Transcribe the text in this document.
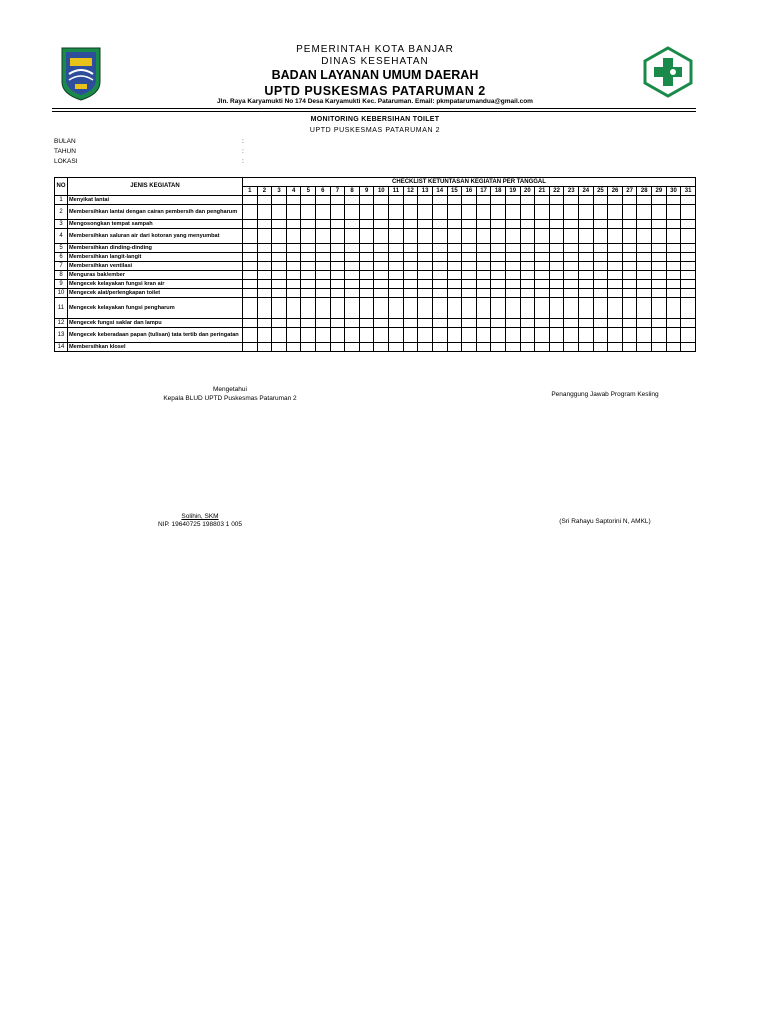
PEMERINTAH KOTA BANJAR
DINAS KESEHATAN
BADAN LAYANAN UMUM DAERAH
UPTD PUSKESMAS PATARUMAN 2
Jln. Raya Karyamukti No 174 Desa Karyamukti Kec. Pataruman. Email: pkmpatarumandua@gmail.com
MONITORING KEBERSIHAN TOILET
UPTD PUSKESMAS PATARUMAN 2
BULAN	:
TAHUN	:
LOKASI	:
NO	JENIS KEGIATAN	CHECKLIST KETUNTASAN KEGIATAN PER TANGGAL																														
		1	2	3	4	5	6	7	8	9	10	11	12	13	14	15	16	17	18	19	20	21	22	23	24	25	26	27	28	29	30	31
1	Menyikat lantai																															
2	Membersihkan lantai dengan cairan pembersih dan pengharum																															
3	Mengosongkan tempat sampah																															
4	Membersihkan saluran air dari kotoran yang menyumbat																															
5	Membersihkan dinding-dinding																															
6	Membersihkan langit-langit																															
7	Membersihkan ventilasi																															
8	Menguras bak/ember																															
9	Mengecek kelayakan fungsi kran air																															
10	Mengecek alat/perlengkapan toilet																															
11	Mengecek kelayakan fungsi pengharum																															
12	Mengecek fungsi saklar dan lampu																															
13	Mengecek keberadaan papan (tulisan) tata tertib dan peringatan																															
14	Membersihkan klosel																															
Mengetahui
Kepala BLUD UPTD Puskesmas Pataruman 2
Penanggung Jawab Program Kesling
Solihin, SKM
NIP. 19640725 198803 1 005	(Sri Rahayu Saptorini N, AMKL)
